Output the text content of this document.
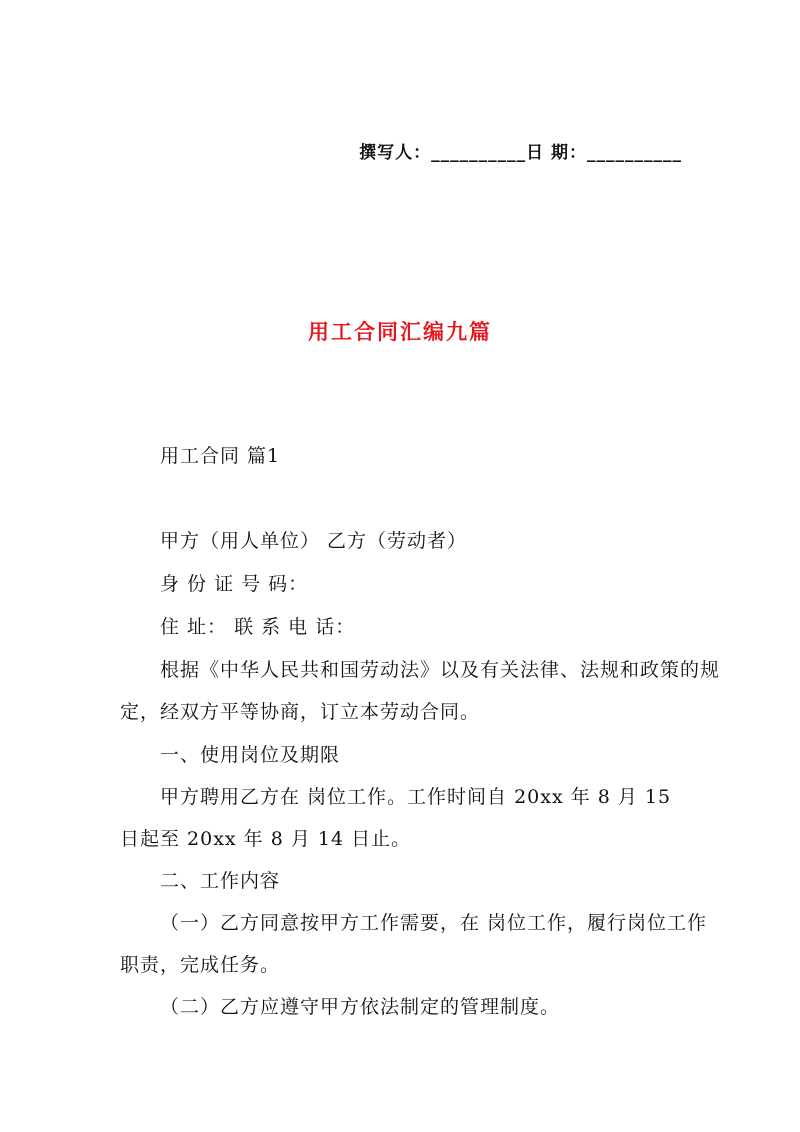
撰写人：__________日 期：__________
用工合同汇编九篇
用工合同 篇1
甲方（用人单位） 乙方（劳动者）
身 份 证 号 码：
住 址： 联 系 电 话：
根据《中华人民共和国劳动法》以及有关法律、法规和政策的规
定，经双方平等协商，订立本劳动合同。
一、使用岗位及期限
甲方聘用乙方在 岗位工作。工作时间自 20xx 年 8 月 15
日起至 20xx 年 8 月 14 日止。
二、工作内容
（一）乙方同意按甲方工作需要，在 岗位工作，履行岗位工作
职责，完成任务。
（二）乙方应遵守甲方依法制定的管理制度。
